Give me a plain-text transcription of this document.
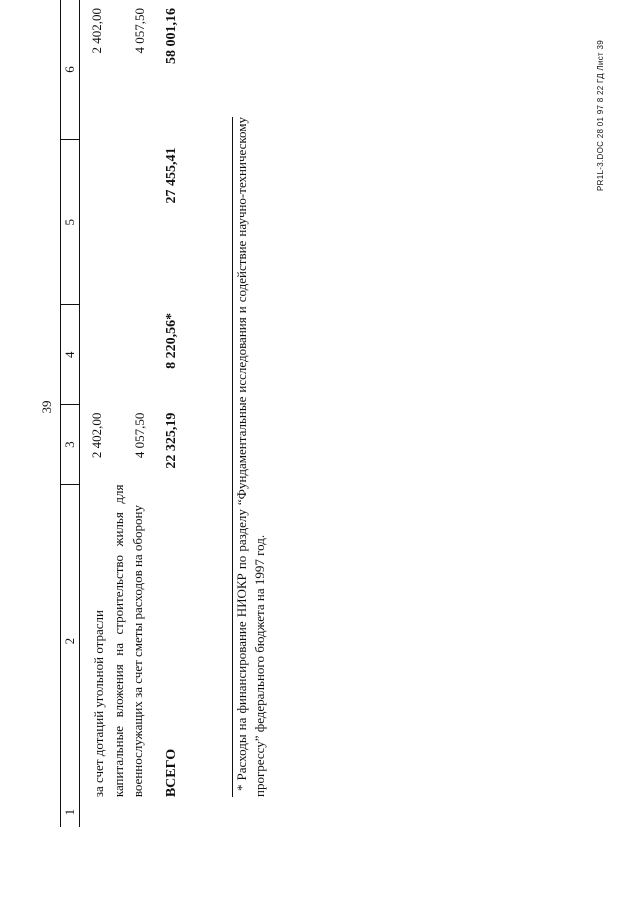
39
1	2	3	4	5	6
	за счет дотаций угольной отрасли	2 402,00			2 402,00
	капитальные вложения на строительство жилья для военнослужащих за счет сметы расходов на оборону	4 057,50			4 057,50
	ВСЕГО	22 325,19	8 220,56*	27 455,41	58 001,16
* Расходы на финансирование НИОКР по разделу “Фундаментальные исследования и содействие научно-техническому прогрессу” федерального бюджета на 1997 год.
PR1L-3.DOC 28 01 97 8 22 ГД Лист 39
